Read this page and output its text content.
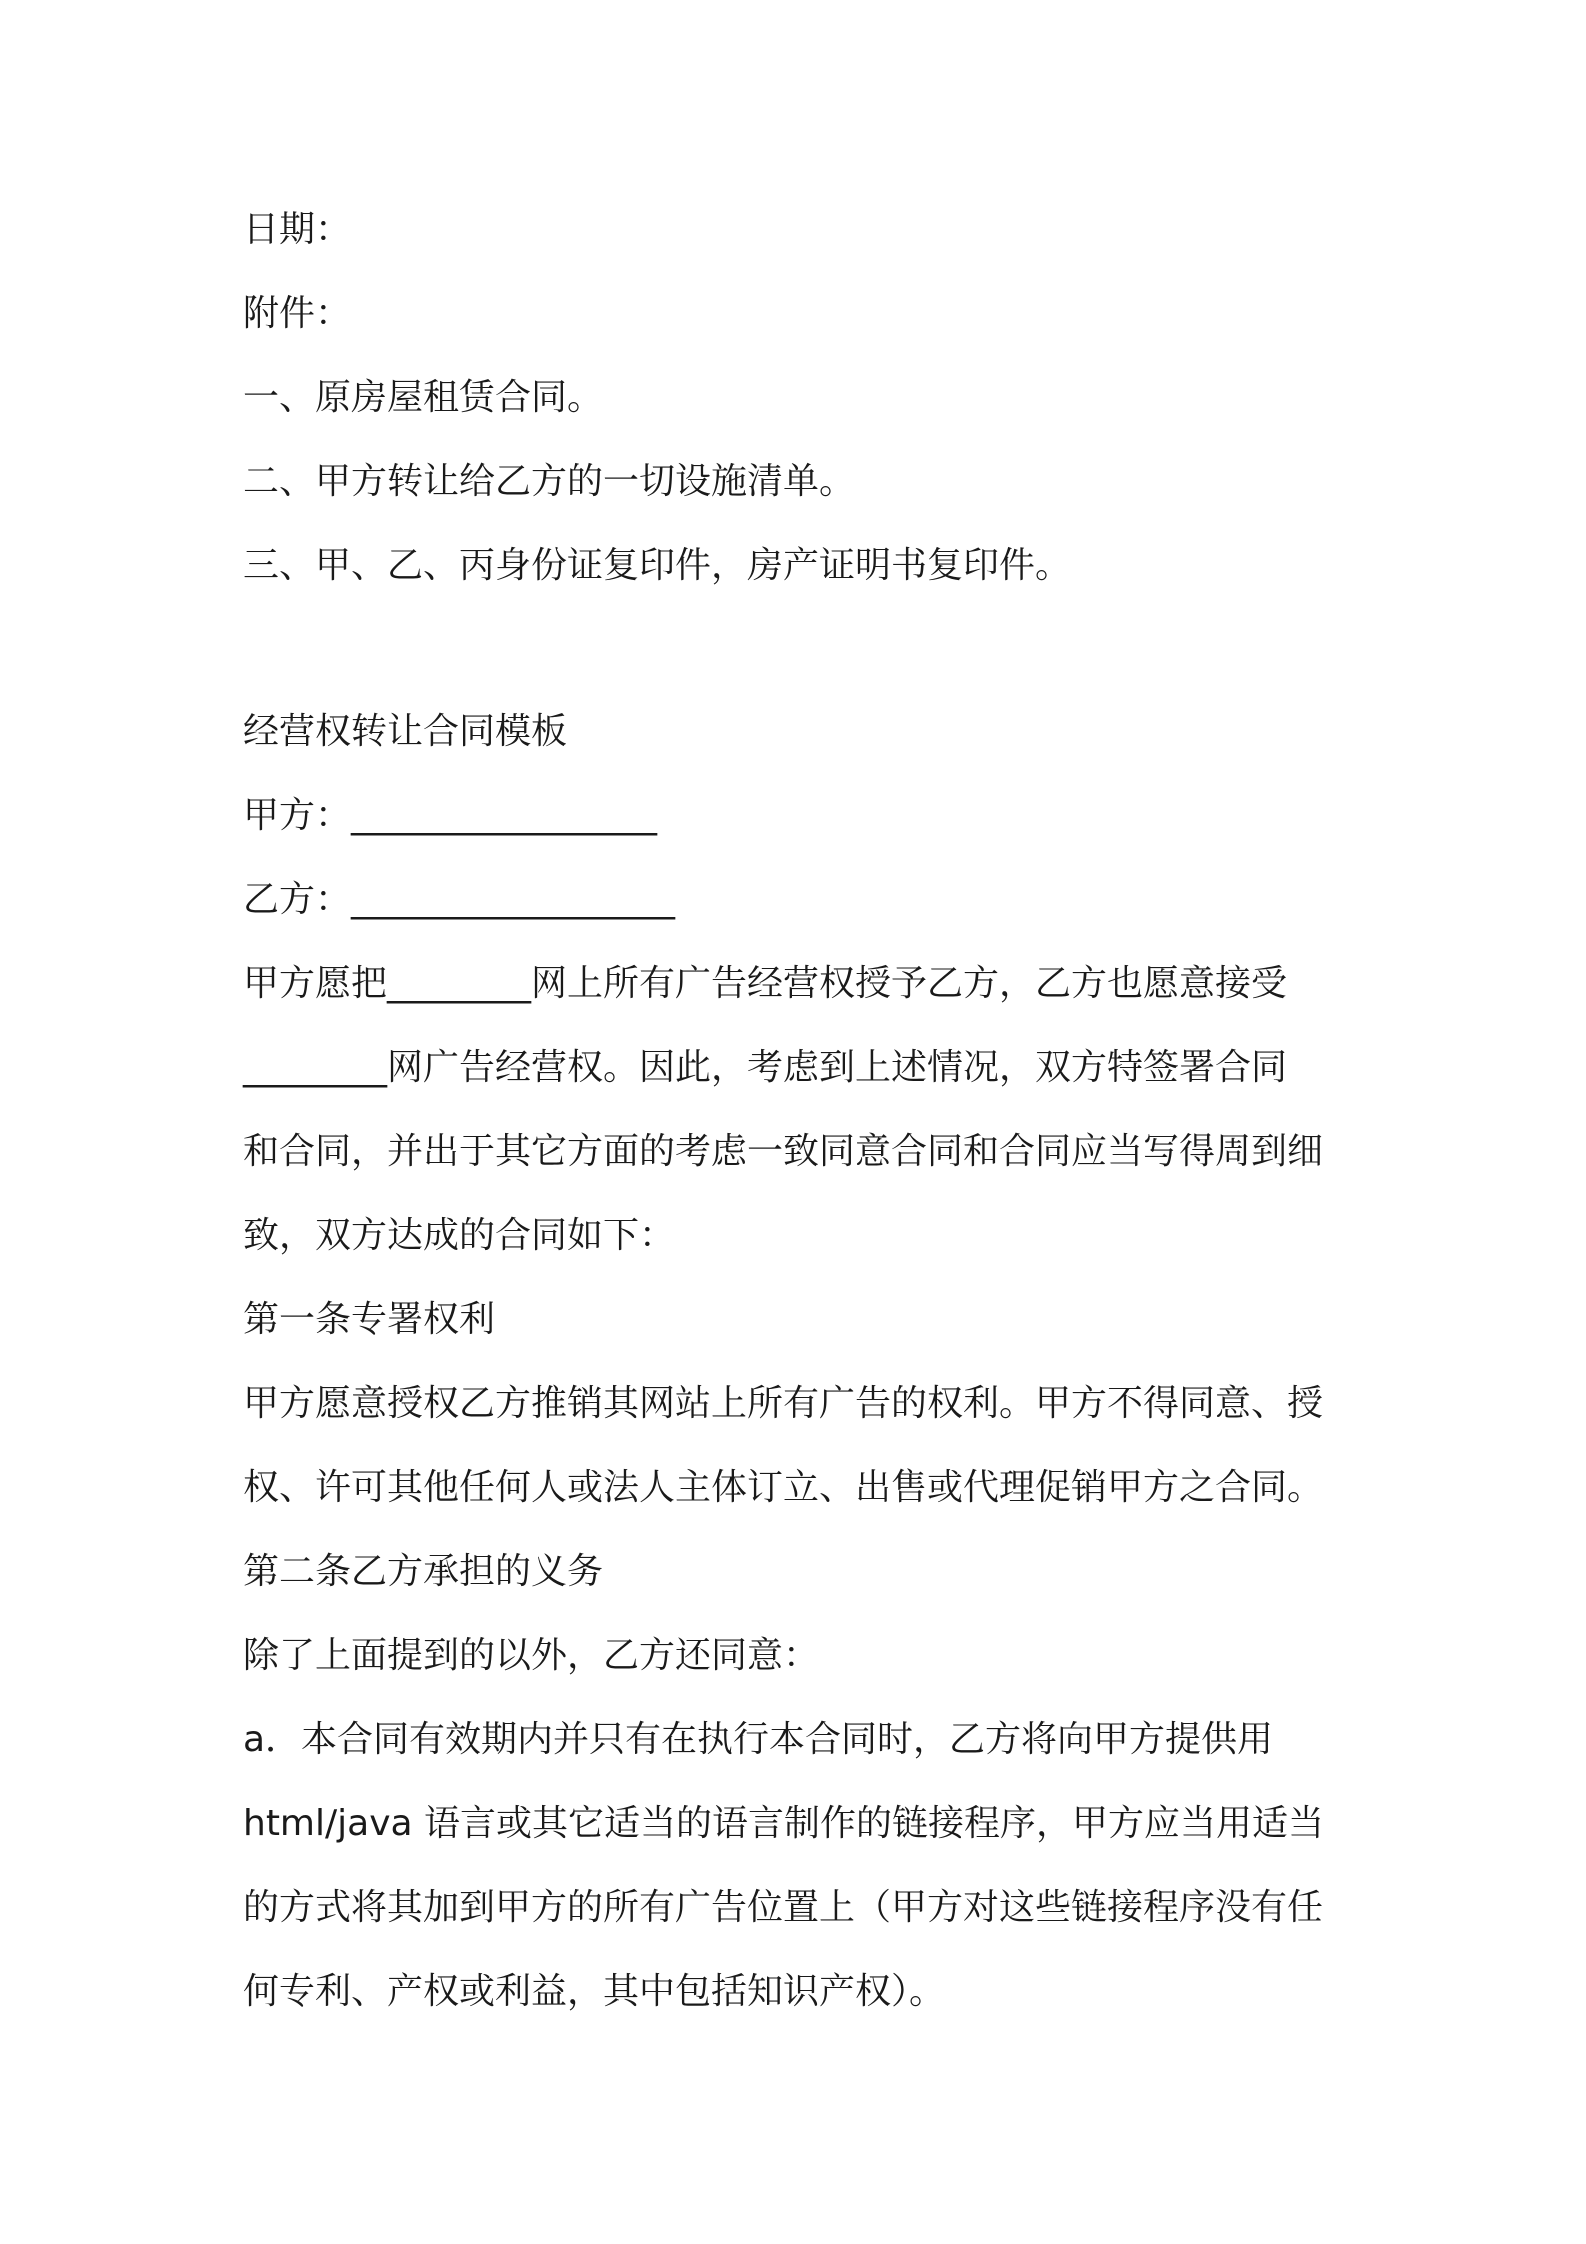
日期：

附件：

一、原房屋租赁合同。

二、甲方转让给乙方的一切设施清单。

三、甲、乙、丙身份证复印件，房产证明书复印件。

经营权转让合同模板

甲方：_________________

乙方：__________________

甲方愿把________网上所有广告经营权授予乙方，乙方也愿意接受

________网广告经营权。因此，考虑到上述情况，双方特签署合同

和合同，并出于其它方面的考虑一致同意合同和合同应当写得周到细

致，双方达成的合同如下：

第一条专署权利

甲方愿意授权乙方推销其网站上所有广告的权利。甲方不得同意、授

权、许可其他任何人或法人主体订立、出售或代理促销甲方之合同。

第二条乙方承担的义务

除了上面提到的以外，乙方还同意：

a．本合同有效期内并只有在执行本合同时，乙方将向甲方提供用

html/java 语言或其它适当的语言制作的链接程序，甲方应当用适当

的方式将其加到甲方的所有广告位置上（甲方对这些链接程序没有任

何专利、产权或利益，其中包括知识产权）。
